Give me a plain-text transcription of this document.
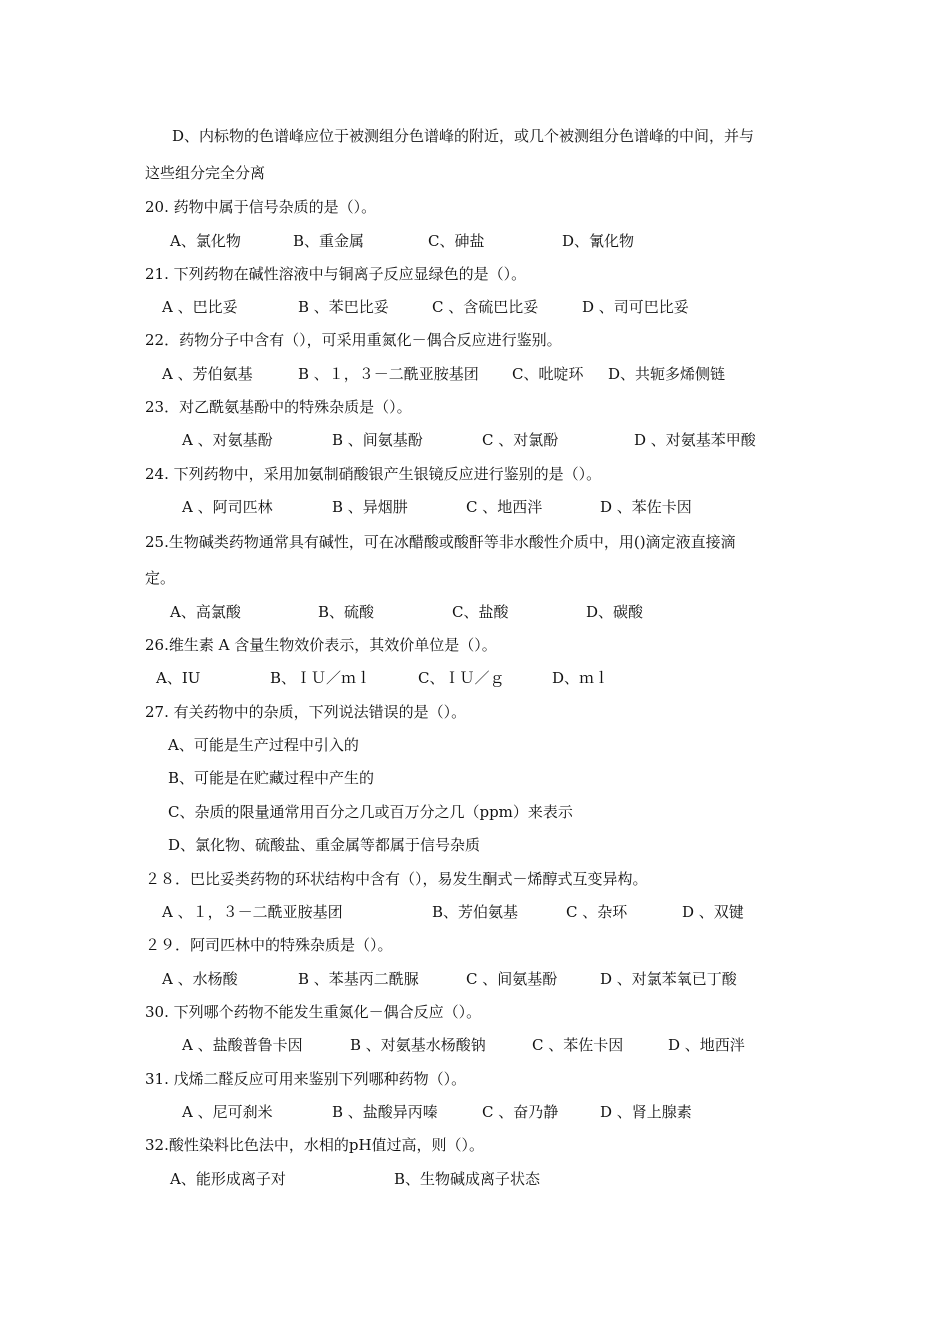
D、内标物的色谱峰应位于被测组分色谱峰的附近，或几个被测组分色谱峰的中间，并与
这些组分完全分离
20. 药物中属于信号杂质的是（）。
A、氯化物	B、重金属	C、砷盐	D、氰化物
21. 下列药物在碱性溶液中与铜离子反应显绿色的是（）。
A 、巴比妥	B 、苯巴比妥	C 、含硫巴比妥	D 、司可巴比妥
22．药物分子中含有（），可采用重氮化－偶合反应进行鉴别。
A 、芳伯氨基	B 、１，３－二酰亚胺基团 C、吡啶环 D、共轭多烯侧链
23．对乙酰氨基酚中的特殊杂质是（）。
A 、对氨基酚	B 、间氨基酚	C 、对氯酚	D 、对氨基苯甲酸
24. 下列药物中，采用加氨制硝酸银产生银镜反应进行鉴别的是（）。
A 、阿司匹林	B 、异烟肼	C 、地西泮	D 、苯佐卡因
25.生物碱类药物通常具有碱性，可在冰醋酸或酸酐等非水酸性介质中，用()滴定液直接滴
定。
A、高氯酸	B、硫酸	C、盐酸	D、碳酸
26.维生素 A 含量生物效价表示，其效价单位是（）。
A、IU	B、ＩＵ／ｍｌ	C、ＩＵ／ｇ	D、ｍｌ
27. 有关药物中的杂质，下列说法错误的是（）。
A、可能是生产过程中引入的
B、可能是在贮藏过程中产生的
C、杂质的限量通常用百分之几或百万分之几（ppm）来表示
D、氯化物、硫酸盐、重金属等都属于信号杂质
２８．巴比妥类药物的环状结构中含有（），易发生酮式－烯醇式互变异构。
A 、１，３－二酰亚胺基团	B、芳伯氨基	C 、杂环	D 、双键
２９．阿司匹林中的特殊杂质是（）。
A 、水杨酸	B 、苯基丙二酰脲	C 、间氨基酚	D 、对氯苯氧已丁酸
30. 下列哪个药物不能发生重氮化－偶合反应（）。
A 、盐酸普鲁卡因	B 、对氨基水杨酸钠	C 、苯佐卡因	D 、地西泮
31. 戊烯二醛反应可用来鉴别下列哪种药物（）。
A 、尼可刹米	B 、盐酸异丙嗪	C 、奋乃静	D 、肾上腺素
32.酸性染料比色法中，水相的pH值过高，则（）。
A、能形成离子对	B、生物碱成离子状态
